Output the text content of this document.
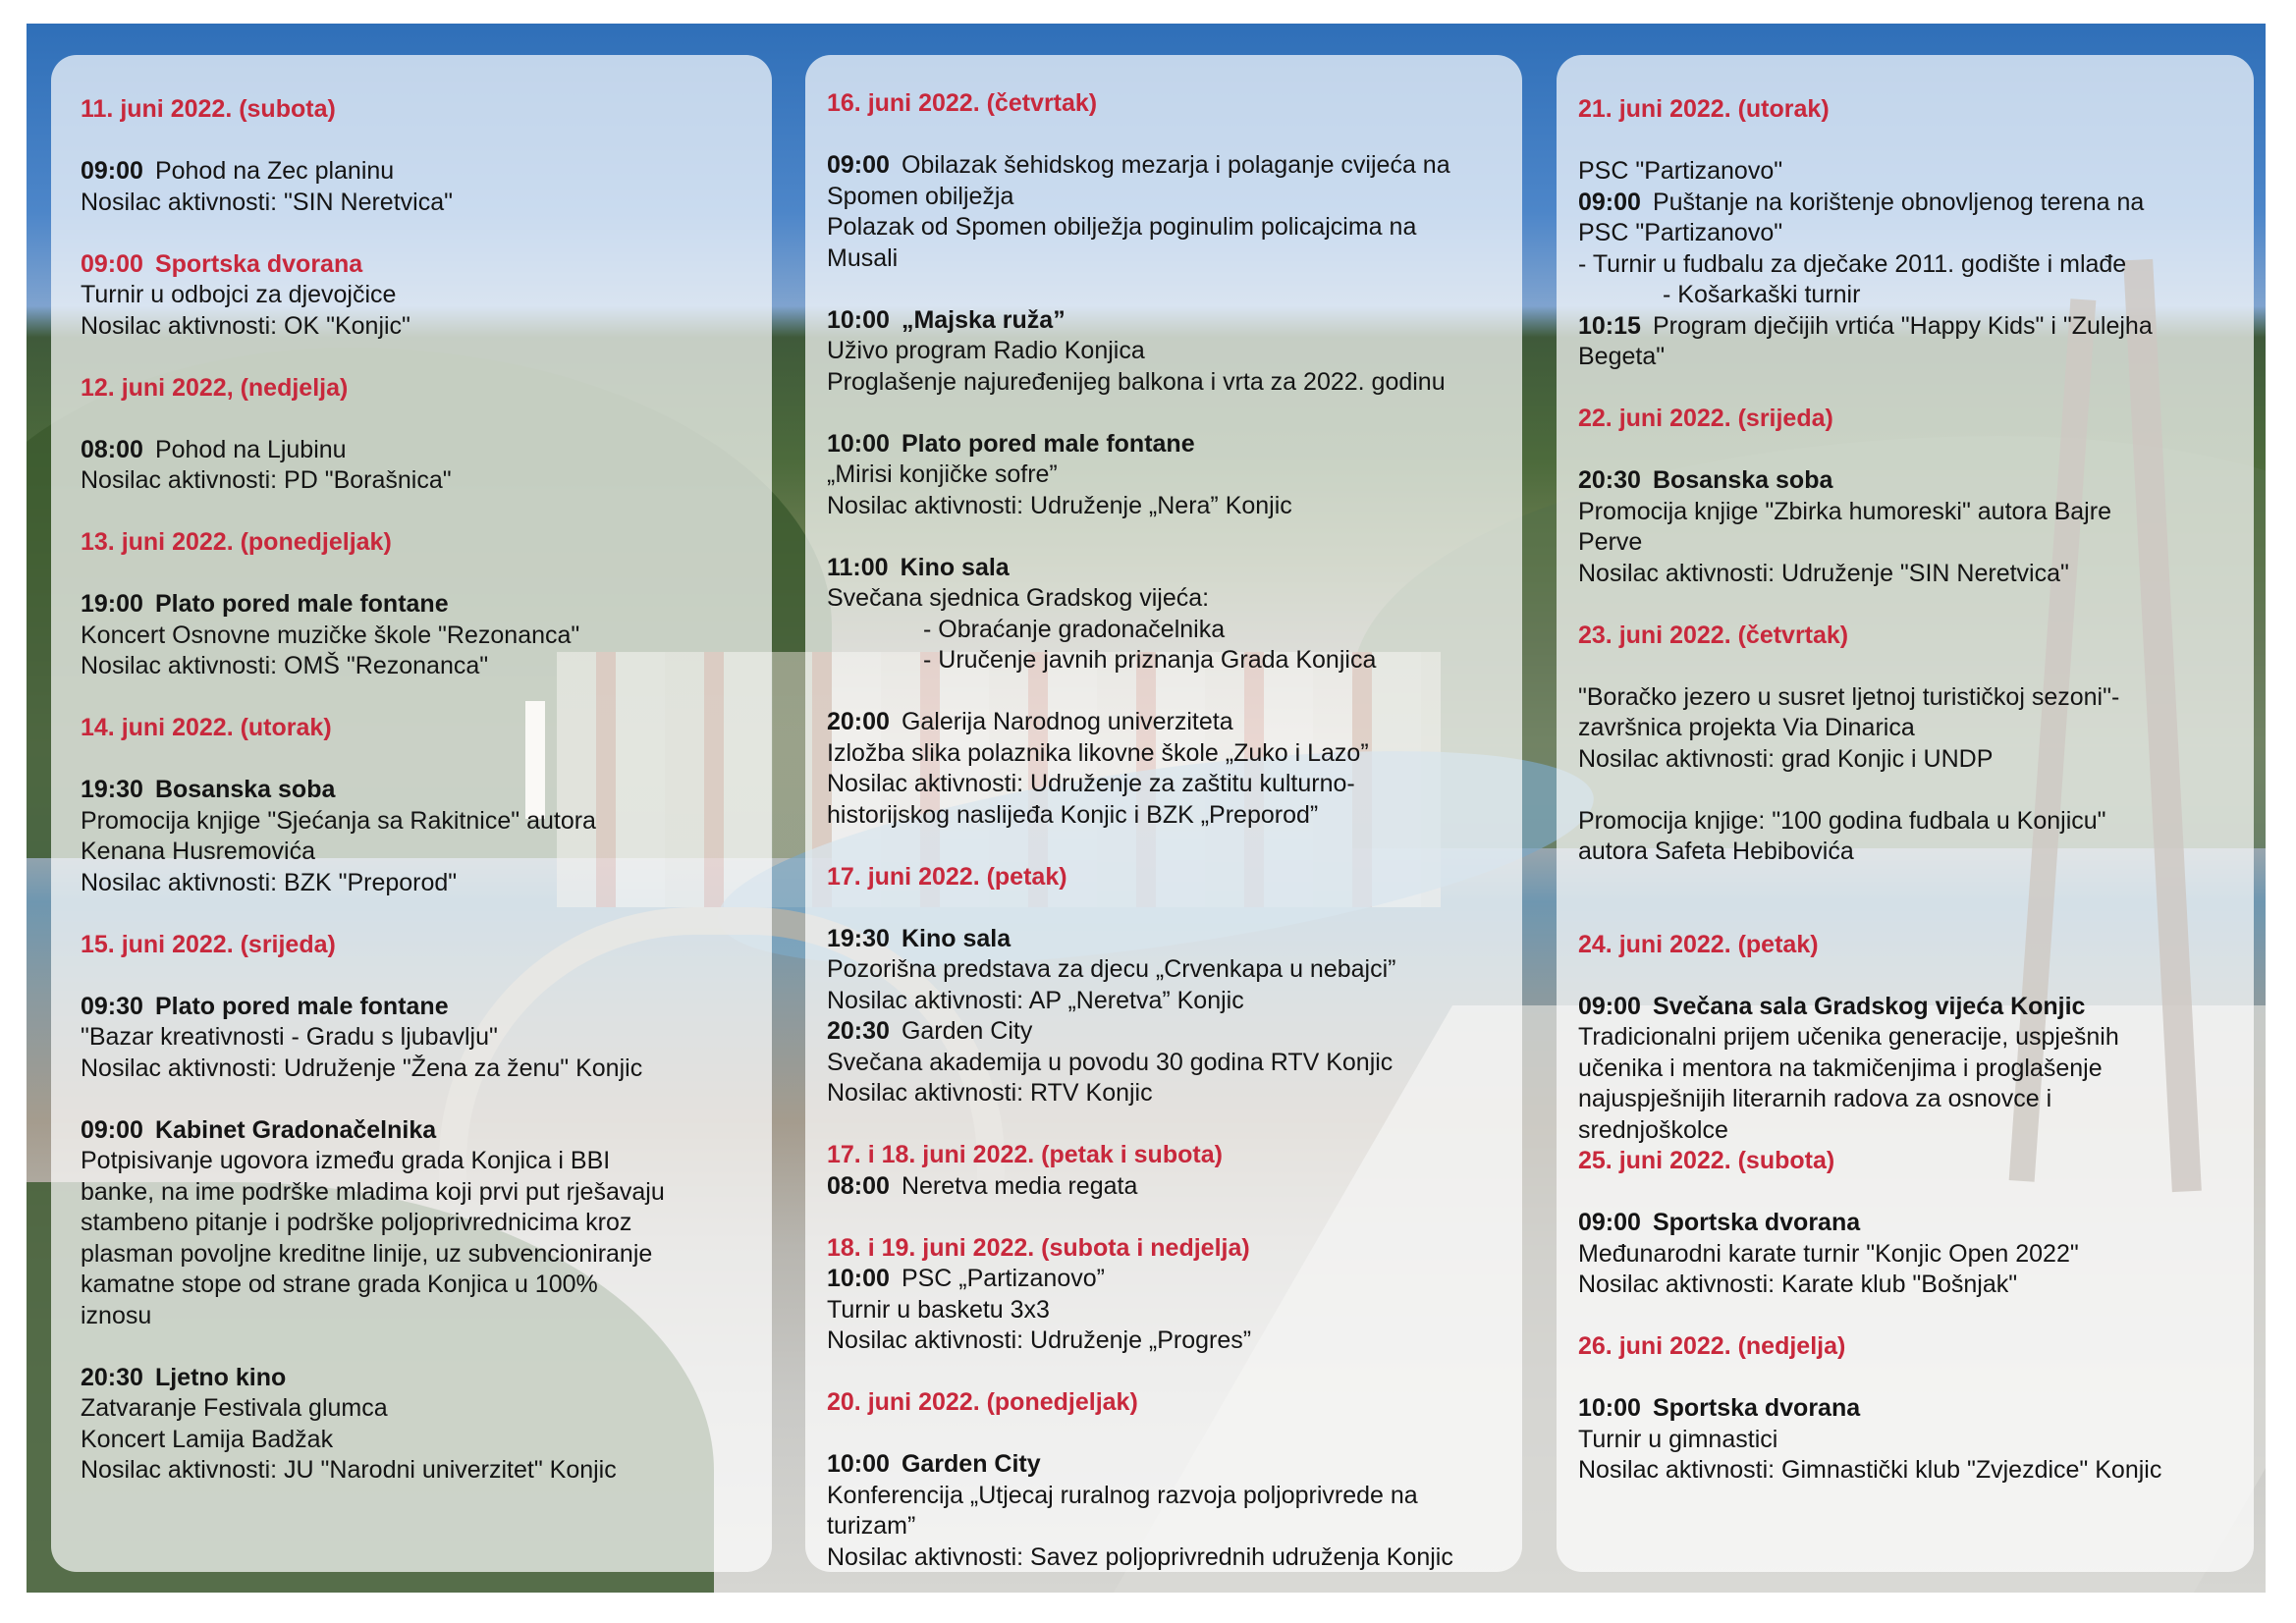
11. juni 2022. (subota)
09:00 Pohod na Zec planinu
Nosilac aktivnosti: "SIN Neretvica"
09:00 Sportska dvorana
Turnir u odbojci za djevojčice
Nosilac aktivnosti: OK "Konjic"
12. juni 2022, (nedjelja)
08:00 Pohod na Ljubinu
Nosilac aktivnosti: PD "Borašnica"
13. juni 2022. (ponedjeljak)
19:00 Plato pored male fontane
Koncert Osnovne muzičke škole "Rezonanca"
Nosilac aktivnosti: OMŠ "Rezonanca"
14. juni 2022. (utorak)
19:30 Bosanska soba
Promocija knjige "Sjećanja sa Rakitnice" autora
Kenana Husremovića
Nosilac aktivnosti: BZK "Preporod"
15. juni 2022. (srijeda)
09:30 Plato pored male fontane
"Bazar kreativnosti - Gradu s ljubavlju"
Nosilac aktivnosti: Udruženje "Žena za ženu" Konjic
09:00 Kabinet Gradonačelnika
Potpisivanje ugovora između grada Konjica i BBI
banke, na ime podrške mladima koji prvi put rješavaju
stambeno pitanje i podrške poljoprivrednicima kroz
plasman povoljne kreditne linije, uz subvencioniranje
kamatne stope od strane grada Konjica u 100%
iznosu
20:30 Ljetno kino
Zatvaranje Festivala glumca
Koncert Lamija Badžak
Nosilac aktivnosti: JU "Narodni univerzitet" Konjic
16. juni 2022. (četvrtak)
09:00 Obilazak šehidskog mezarja i polaganje cvijeća na
Spomen obilježja
Polazak od Spomen obilježja poginulim policajcima na
Musali
10:00 „Majska ruža”
Uživo program Radio Konjica
Proglašenje najuređenijeg balkona i vrta za 2022. godinu
10:00 Plato pored male fontane
„Mirisi konjičke sofre”
Nosilac aktivnosti: Udruženje „Nera” Konjic
11:00 Kino sala
Svečana sjednica Gradskog vijeća:
- Obraćanje gradonačelnika
- Uručenje javnih priznanja Grada Konjica
20:00 Galerija Narodnog univerziteta
Izložba slika polaznika likovne škole „Zuko i Lazo”
Nosilac aktivnosti: Udruženje za zaštitu kulturno-
historijskog naslijeđa Konjic i BZK „Preporod”
17. juni 2022. (petak)
19:30 Kino sala
Pozorišna predstava za djecu „Crvenkapa u nebajci”
Nosilac aktivnosti: AP „Neretva” Konjic
20:30 Garden City
Svečana akademija u povodu 30 godina RTV Konjic
Nosilac aktivnosti: RTV Konjic
17. i 18. juni 2022. (petak i subota)
08:00 Neretva media regata
18. i 19. juni 2022. (subota i nedjelja)
10:00 PSC „Partizanovo”
Turnir u basketu 3x3
Nosilac aktivnosti: Udruženje „Progres”
20. juni 2022. (ponedjeljak)
10:00 Garden City
Konferencija „Utjecaj ruralnog razvoja poljoprivrede na
turizam”
Nosilac aktivnosti: Savez poljoprivrednih udruženja Konjic
21. juni 2022. (utorak)
PSC "Partizanovo"
09:00 Puštanje na korištenje obnovljenog terena na
PSC "Partizanovo"
- Turnir u fudbalu za dječake 2011. godište i mlađe
- Košarkaški turnir
10:15 Program dječijih vrtića "Happy Kids" i "Zulejha
Begeta"
22. juni 2022. (srijeda)
20:30 Bosanska soba
Promocija knjige "Zbirka humoreski" autora Bajre
Perve
Nosilac aktivnosti: Udruženje "SIN Neretvica"
23. juni 2022. (četvrtak)
"Boračko jezero u susret ljetnoj turističkoj sezoni"-
završnica projekta Via Dinarica
Nosilac aktivnosti: grad Konjic i UNDP
Promocija knjige: "100 godina fudbala u Konjicu"
autora Safeta Hebibovića
24. juni 2022. (petak)
09:00 Svečana sala Gradskog vijeća Konjic
Tradicionalni prijem učenika generacije, uspješnih
učenika i mentora na takmičenjima i proglašenje
najuspješnijih literarnih radova za osnovce i
srednjoškolce
25. juni 2022. (subota)
09:00 Sportska dvorana
Međunarodni karate turnir "Konjic Open 2022"
Nosilac aktivnosti: Karate klub "Bošnjak"
26. juni 2022. (nedjelja)
10:00 Sportska dvorana
Turnir u gimnastici
Nosilac aktivnosti: Gimnastički klub "Zvjezdice" Konjic
